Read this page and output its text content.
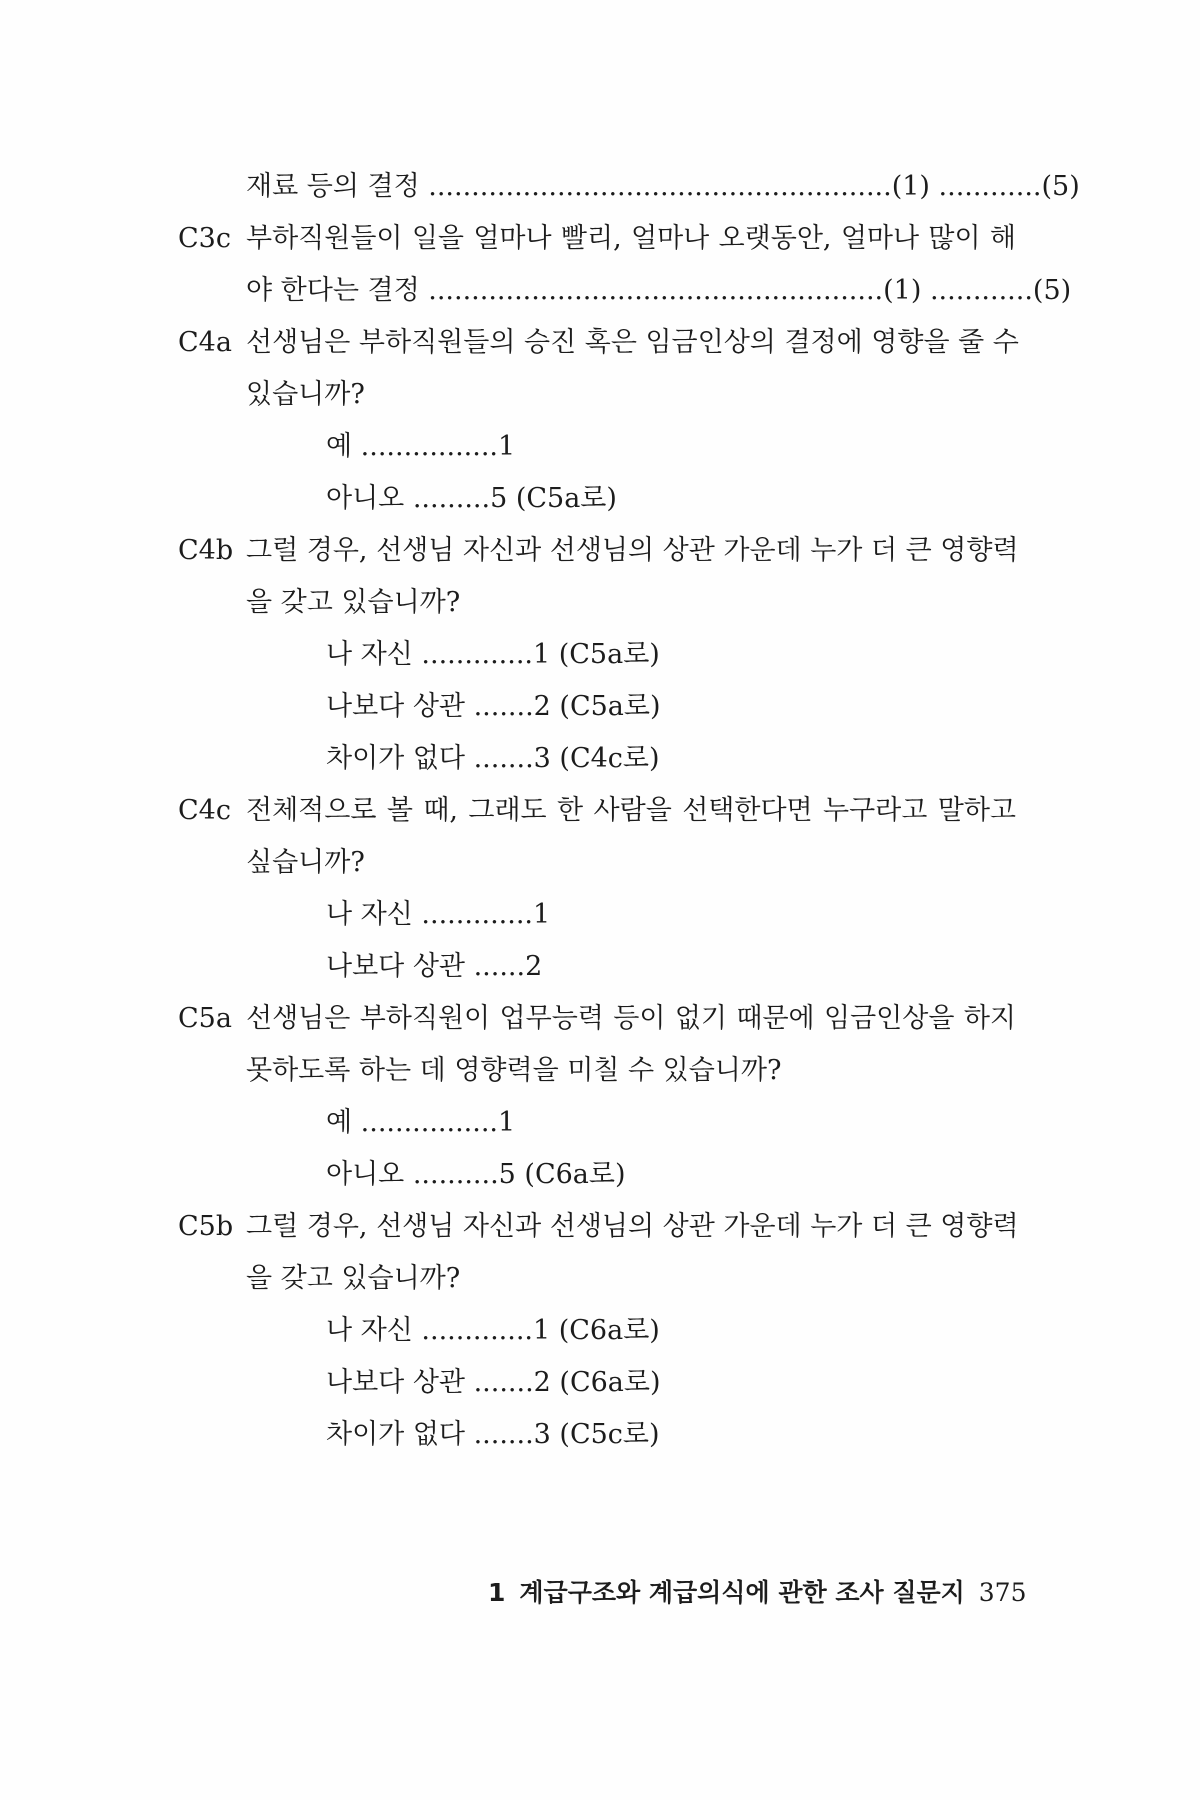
재료 등의 결정 ......................................................(1) ............(5)
C3c 부하직원들이 일을 얼마나 빨리, 얼마나 오랫동안, 얼마나 많이 해
야 한다는 결정 .....................................................(1) ............(5)
C4a 선생님은 부하직원들의 승진 혹은 임금인상의 결정에 영향을 줄 수
있습니까?
예 ................1
아니오 .........5 (C5a로)
C4b 그럴 경우, 선생님 자신과 선생님의 상관 가운데 누가 더 큰 영향력
을 갖고 있습니까?
나 자신 .............1 (C5a로)
나보다 상관 .......2 (C5a로)
차이가 없다 .......3 (C4c로)
C4c 전체적으로 볼 때, 그래도 한 사람을 선택한다면 누구라고 말하고
싶습니까?
나 자신 .............1
나보다 상관 ......2
C5a 선생님은 부하직원이 업무능력 등이 없기 때문에 임금인상을 하지
못하도록 하는 데 영향력을 미칠 수 있습니까?
예 ................1
아니오 ..........5 (C6a로)
C5b 그럴 경우, 선생님 자신과 선생님의 상관 가운데 누가 더 큰 영향력
을 갖고 있습니까?
나 자신 .............1 (C6a로)
나보다 상관 .......2 (C6a로)
차이가 없다 .......3 (C5c로)
1 계급구조와 계급의식에 관한 조사 질문지 375
